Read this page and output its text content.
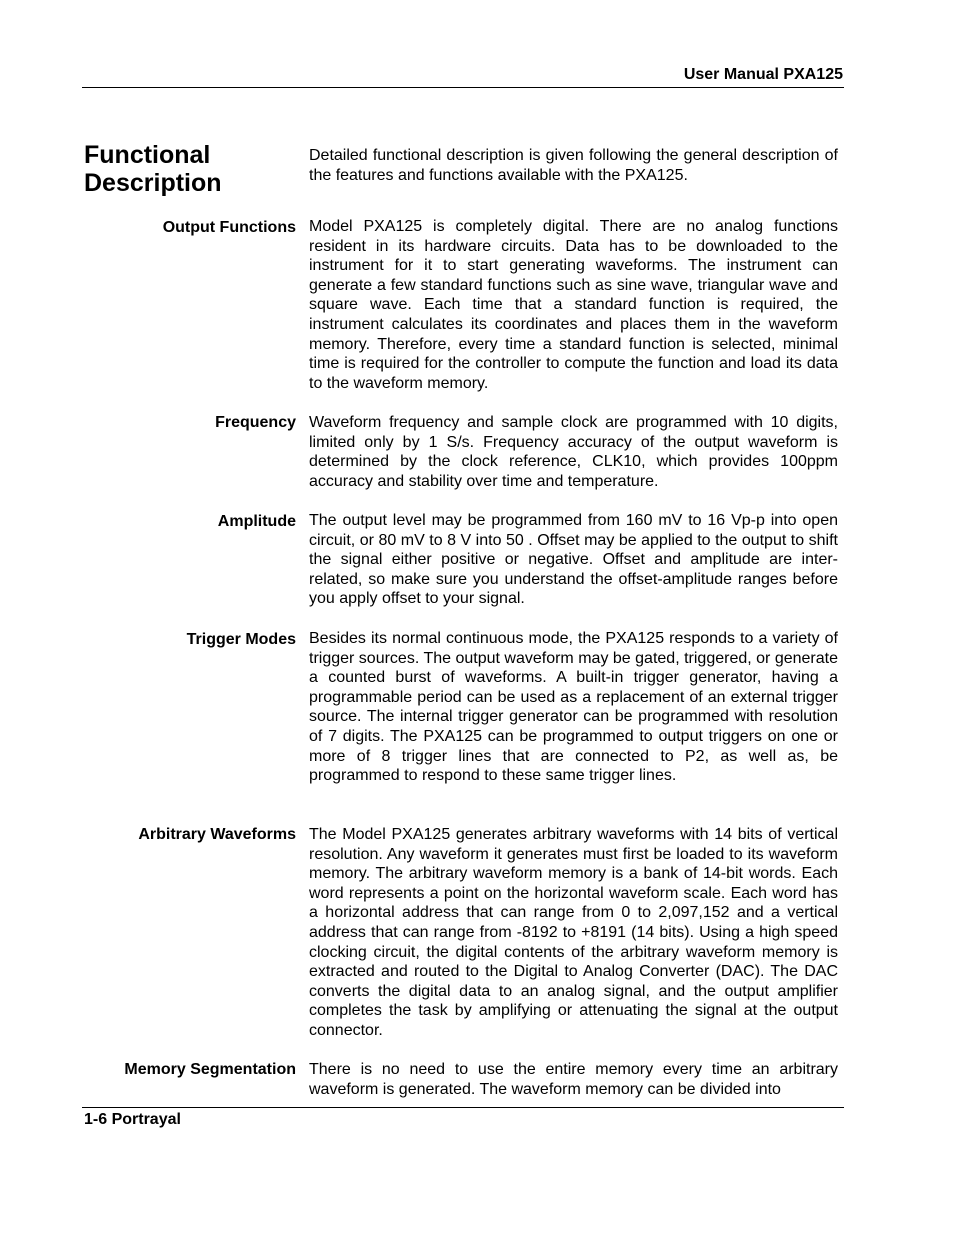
User Manual PXA125
Functional
Description
Detailed functional description is given following the general description of the features and functions available with the PXA125.
Output Functions Model PXA125 is completely digital. There are no analog functions resident in its hardware circuits. Data has to be downloaded to the instrument for it to start generating waveforms. The instrument can generate a few standard functions such as sine wave, triangular wave and square wave. Each time that a standard function is required, the instrument calculates its coordinates and places them in the waveform memory. Therefore, every time a standard function is selected, minimal time is required for the controller to compute the function and load its data to the waveform memory.
Frequency Waveform frequency and sample clock are programmed with 10 digits, limited only by 1 S/s. Frequency accuracy of the output waveform is determined by the clock reference, CLK10, which provides 100ppm accuracy and stability over time and temperature.
Amplitude The output level may be programmed from 160 mV to 16 Vp-p into open circuit, or 80 mV to 8 V into 50 . Offset may be applied to the output to shift the signal either positive or negative. Offset and amplitude are inter-related, so make sure you understand the offset-amplitude ranges before you apply offset to your signal.
Trigger Modes Besides its normal continuous mode, the PXA125 responds to a variety of trigger sources. The output waveform may be gated, triggered, or generate a counted burst of waveforms. A built-in trigger generator, having a programmable period can be used as a replacement of an external trigger source. The internal trigger generator can be programmed with resolution of 7 digits. The PXA125 can be programmed to output triggers on one or more of 8 trigger lines that are connected to P2, as well as, be programmed to respond to these same trigger lines.
Arbitrary Waveforms The Model PXA125 generates arbitrary waveforms with 14 bits of vertical resolution. Any waveform it generates must first be loaded to its waveform memory. The arbitrary waveform memory is a bank of 14-bit words. Each word represents a point on the horizontal waveform scale. Each word has a horizontal address that can range from 0 to 2,097,152 and a vertical address that can range from -8192 to +8191 (14 bits). Using a high speed clocking circuit, the digital contents of the arbitrary waveform memory is extracted and routed to the Digital to Analog Converter (DAC). The DAC converts the digital data to an analog signal, and the output amplifier completes the task by amplifying or attenuating the signal at the output connector.
Memory Segmentation There is no need to use the entire memory every time an arbitrary waveform is generated. The waveform memory can be divided into
1-6 Portrayal
